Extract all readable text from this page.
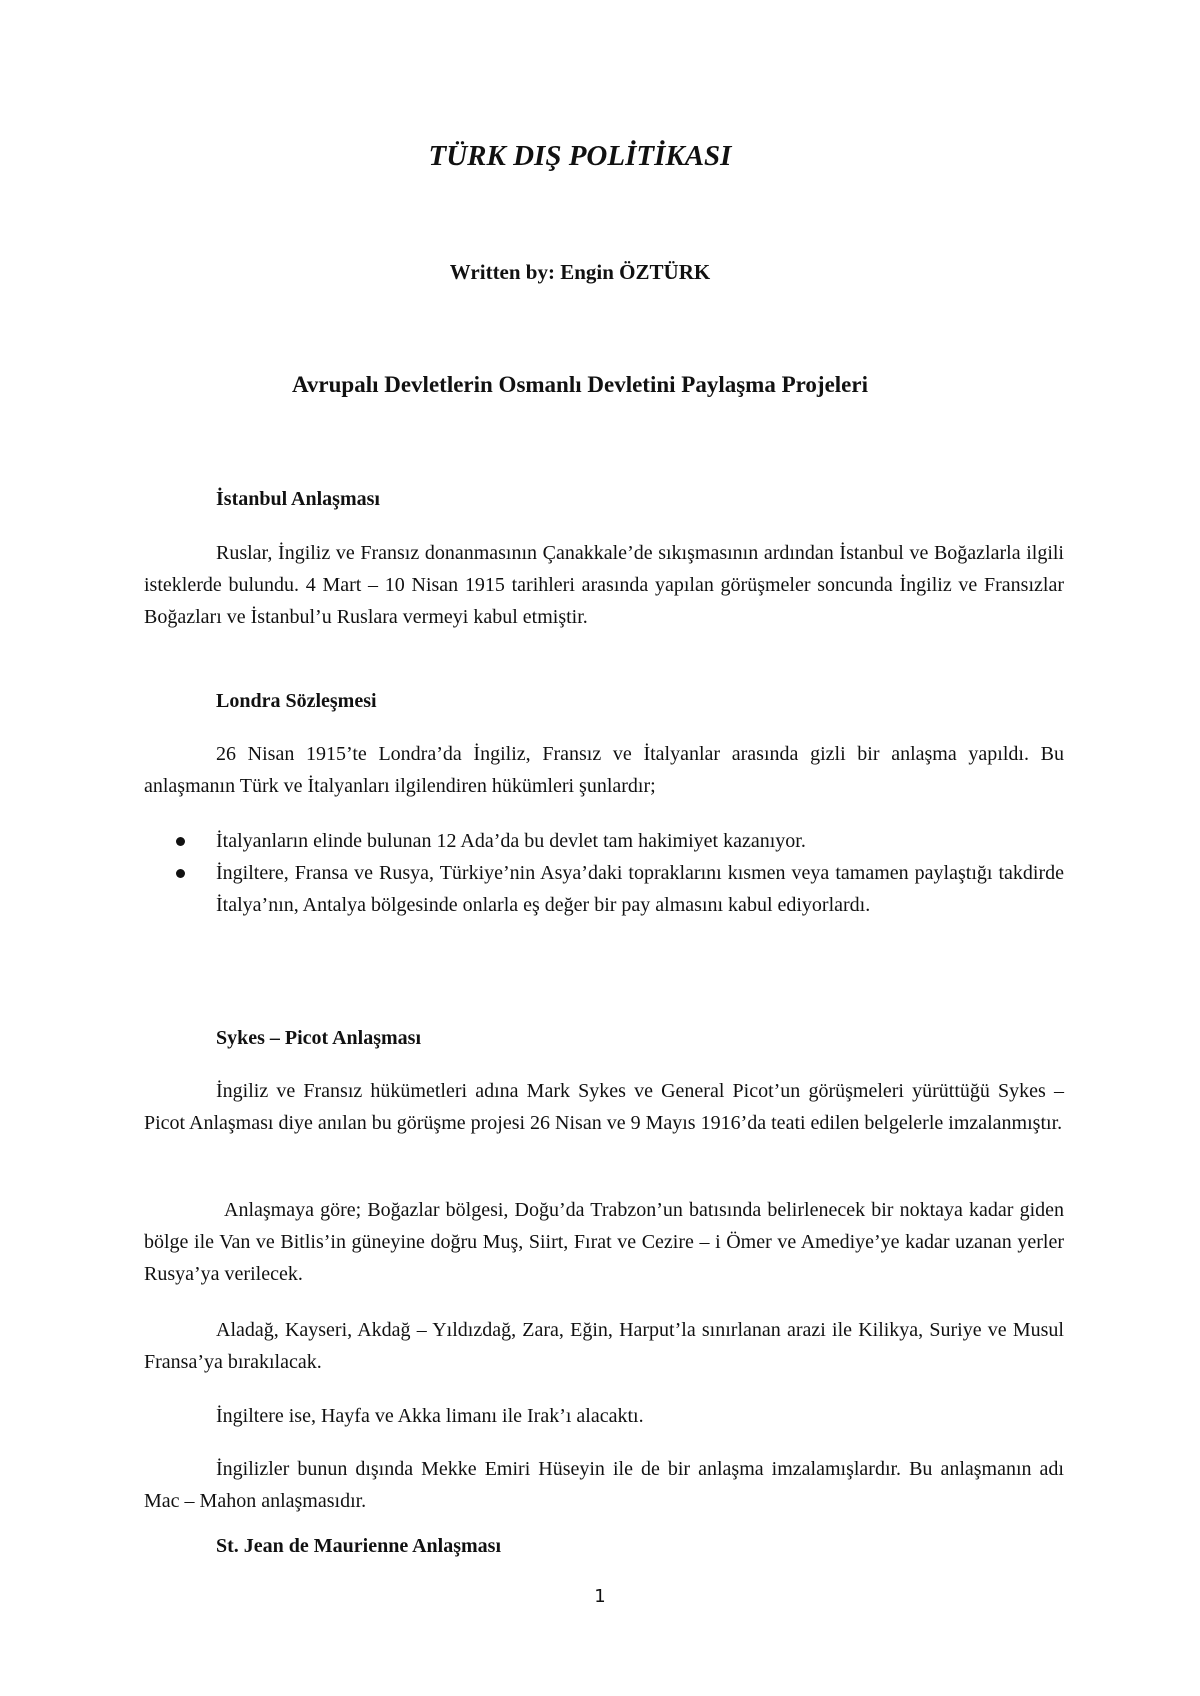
TÜRK DIŞ POLİTİKASI

Written by: Engin ÖZTÜRK

Avrupalı Devletlerin Osmanlı Devletini Paylaşma Projeleri
İstanbul Anlaşması

Ruslar, İngiliz ve Fransız donanmasının Çanakkale’de sıkışmasının ardından İstanbul ve Boğazlarla ilgili isteklerde bulundu. 4 Mart – 10 Nisan 1915 tarihleri arasında yapılan görüşmeler soncunda İngiliz ve Fransızlar Boğazları ve İstanbul’u Ruslara vermeyi kabul etmiştir.

Londra Sözleşmesi

26 Nisan 1915’te Londra’da İngiliz, Fransız ve İtalyanlar arasında gizli bir anlaşma yapıldı. Bu anlaşmanın Türk ve İtalyanları ilgilendiren hükümleri şunlardır;

İtalyanların elinde bulunan 12 Ada’da bu devlet tam hakimiyet kazanıyor.
İngiltere, Fransa ve Rusya, Türkiye’nin Asya’daki topraklarını kısmen veya tamamen paylaştığı takdirde İtalya’nın, Antalya bölgesinde onlarla eş değer bir pay almasını kabul ediyorlardı.
Sykes – Picot Anlaşması

İngiliz ve Fransız hükümetleri adına Mark Sykes ve General Picot’un görüşmeleri yürüttüğü Sykes – Picot Anlaşması diye anılan bu görüşme projesi 26 Nisan ve 9 Mayıs 1916’da teati edilen belgelerle imzalanmıştır.

Anlaşmaya göre; Boğazlar bölgesi, Doğu’da Trabzon’un batısında belirlenecek bir noktaya kadar giden bölge ile Van ve Bitlis’in güneyine doğru Muş, Siirt, Fırat ve Cezire – i Ömer ve Amediye’ye kadar uzanan yerler Rusya’ya verilecek.

Aladağ, Kayseri, Akdağ – Yıldızdağ, Zara, Eğin, Harput’la sınırlanan arazi ile Kilikya, Suriye ve Musul Fransa’ya bırakılacak.

İngiltere ise, Hayfa ve Akka limanı ile Irak’ı alacaktı.

İngilizler bunun dışında Mekke Emiri Hüseyin ile de bir anlaşma imzalamışlardır. Bu anlaşmanın adı Mac – Mahon anlaşmasıdır.

St. Jean de Maurienne Anlaşması

1
